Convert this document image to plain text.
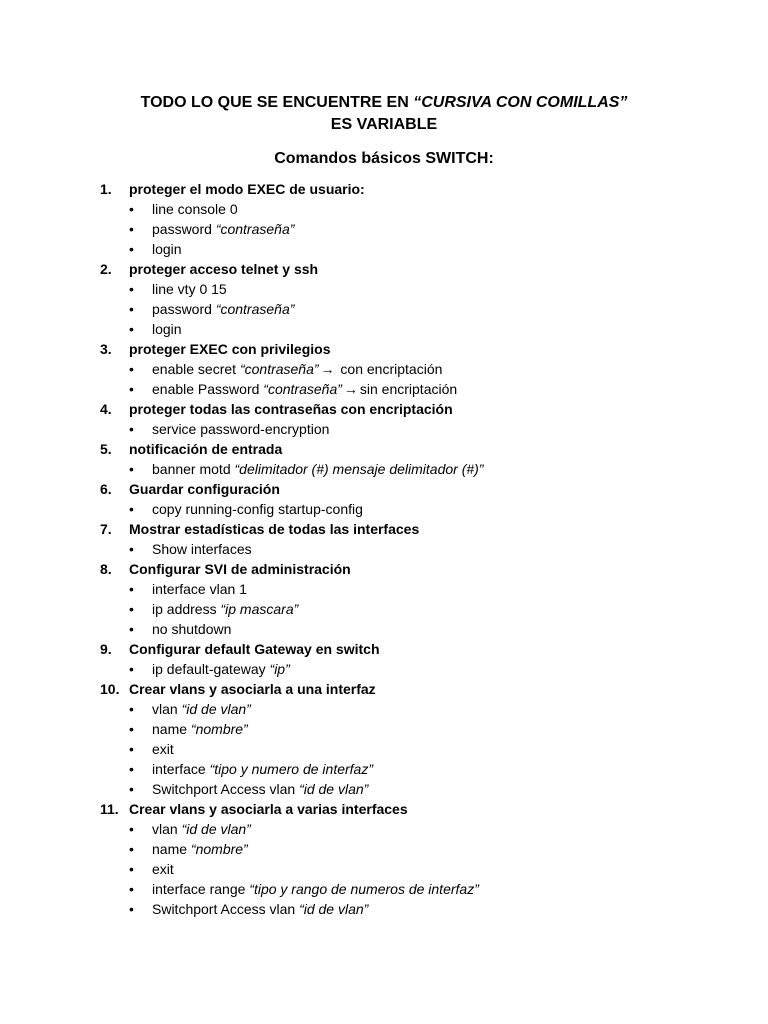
TODO LO QUE SE ENCUENTRE EN “CURSIVA CON COMILLAS”
ES VARIABLE
Comandos básicos SWITCH:
1.	proteger el modo EXEC de usuario:
•	line console 0
•	password “contraseña”
•	login
2.	proteger acceso telnet y ssh
•	line vty 0 15
•	password “contraseña”
•	login
3.	proteger EXEC con privilegios
•	enable secret “contraseña” → con encriptación
•	enable Password “contraseña” → sin encriptación
4.	proteger todas las contraseñas con encriptación
•	service password-encryption
5.	notificación de entrada
•	banner motd “delimitador (#) mensaje delimitador (#)”
6.	Guardar configuración
•	copy running-config startup-config
7.	Mostrar estadísticas de todas las interfaces
•	Show interfaces
8.	Configurar SVI de administración
•	interface vlan 1
•	ip address “ip mascara”
•	no shutdown
9.	Configurar default Gateway en switch
•	ip default-gateway “ip”
10. Crear vlans y asociarla a una interfaz
•	vlan “id de vlan”
•	name “nombre”
•	exit
•	interface “tipo y numero de interfaz”
•	Switchport Access vlan “id de vlan”
11. Crear vlans y asociarla a varias interfaces
•	vlan “id de vlan”
•	name “nombre”
•	exit
•	interface range “tipo y rango de numeros de interfaz”
•	Switchport Access vlan “id de vlan”
